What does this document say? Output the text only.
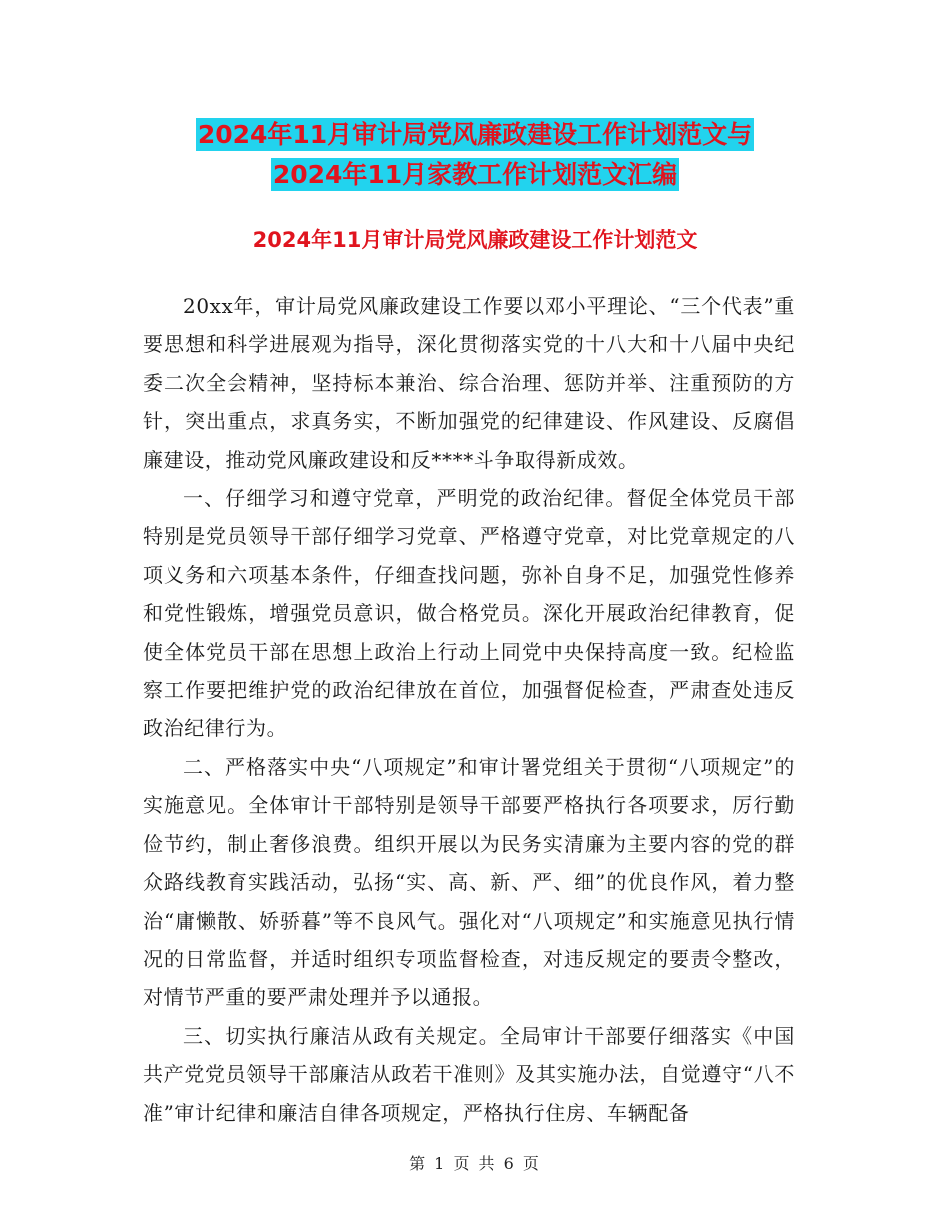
2024年11月审计局党风廉政建设工作计划范文与
2024年11月家教工作计划范文汇编
2024年11月审计局党风廉政建设工作计划范文

20xx年，审计局党风廉政建设工作要以邓小平理论、“三个代表”重要思想和科学进展观为指导，深化贯彻落实党的十八大和十八届中央纪委二次全会精神，坚持标本兼治、综合治理、惩防并举、注重预防的方针，突出重点，求真务实，不断加强党的纪律建设、作风建设、反腐倡廉建设，推动党风廉政建设和反****斗争取得新成效。

一、仔细学习和遵守党章，严明党的政治纪律。督促全体党员干部特别是党员领导干部仔细学习党章、严格遵守党章，对比党章规定的八项义务和六项基本条件，仔细查找问题，弥补自身不足，加强党性修养和党性锻炼，增强党员意识，做合格党员。深化开展政治纪律教育，促使全体党员干部在思想上政治上行动上同党中央保持高度一致。纪检监察工作要把维护党的政治纪律放在首位，加强督促检查，严肃查处违反政治纪律行为。

二、严格落实中央“八项规定”和审计署党组关于贯彻“八项规定”的实施意见。全体审计干部特别是领导干部要严格执行各项要求，厉行勤俭节约，制止奢侈浪费。组织开展以为民务实清廉为主要内容的党的群众路线教育实践活动，弘扬“实、高、新、严、细”的优良作风，着力整治“庸懒散、娇骄暮”等不良风气。强化对“八项规定”和实施意见执行情况的日常监督，并适时组织专项监督检查，对违反规定的要责令整改，对情节严重的要严肃处理并予以通报。

三、切实执行廉洁从政有关规定。全局审计干部要仔细落实《中国共产党党员领导干部廉洁从政若干准则》及其实施办法，自觉遵守“八不准”审计纪律和廉洁自律各项规定，严格执行住房、车辆配备

第 1 页 共 6 页
